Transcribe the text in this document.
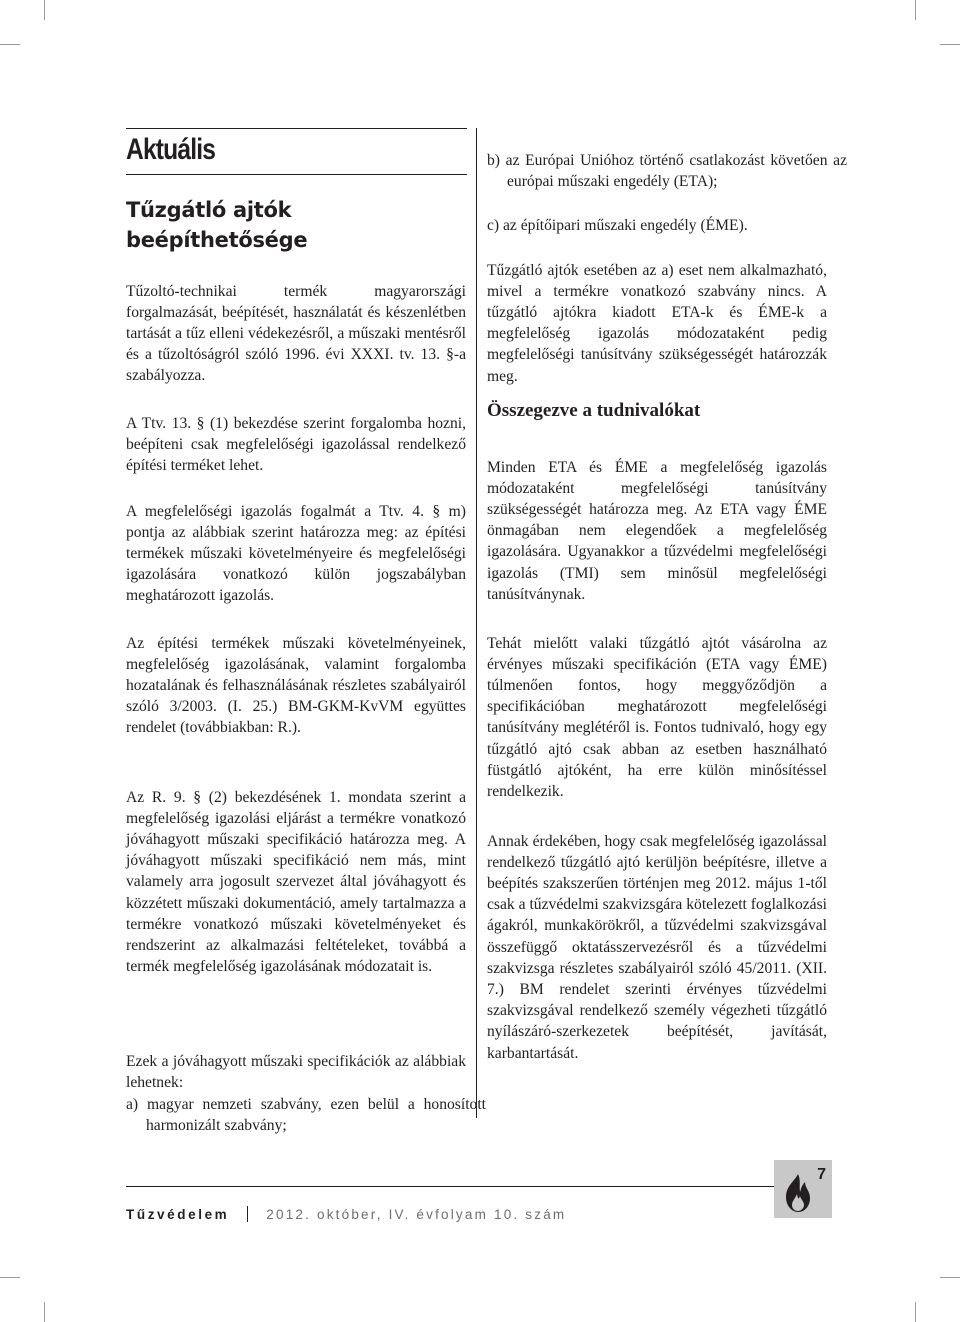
Aktuális
Tűzgátló ajtók
beépíthetősége

Tűzoltó-technikai termék magyarországi forgalmazását, beépítését, használatát és készenlétben tartását a tűz elleni védekezésről, a műszaki mentésről és a tűzoltóságról szóló 1996. évi XXXI. tv. 13. §-a szabályozza.

A Ttv. 13. § (1) bekezdése szerint forgalomba hozni, beépíteni csak megfelelőségi igazolással rendelkező építési terméket lehet.

A megfelelőségi igazolás fogalmát a Ttv. 4. § m) pontja az alábbiak szerint határozza meg: az építési termékek műszaki követelményeire és megfelelőségi igazolására vonatkozó külön jogszabályban meghatározott igazolás.

Az építési termékek műszaki követelményeinek, megfelelőség igazolásának, valamint forgalomba hozatalának és felhasználásának részletes szabályairól szóló 3/2003. (I. 25.) BM-GKM-KvVM együttes rendelet (továbbiakban: R.).

Az R. 9. § (2) bekezdésének 1. mondata szerint a megfelelőség igazolási eljárást a termékre vonatkozó jóváhagyott műszaki specifikáció határozza meg. A jóváhagyott műszaki specifikáció nem más, mint valamely arra jogosult szervezet által jóváhagyott és közzétett műszaki dokumentáció, amely tartalmazza a termékre vonatkozó műszaki követelményeket és rendszerint az alkalmazási feltételeket, továbbá a termék megfelelőség igazolásának módozatait is.

Ezek a jóváhagyott műszaki specifikációk az alábbiak lehetnek:

a) magyar nemzeti szabvány, ezen belül a honosított harmonizált szabvány;

b) az Európai Unióhoz történő csatlakozást követően az európai műszaki engedély (ETA);

c) az építőipari műszaki engedély (ÉME).

Tűzgátló ajtók esetében az a) eset nem alkalmazható, mivel a termékre vonatkozó szabvány nincs. A tűzgátló ajtókra kiadott ETA-k és ÉME-k a megfelelőség igazolás módozataként pedig megfelelőségi tanúsítvány szükségességét határozzák meg.

Összegezve a tudnivalókat

Minden ETA és ÉME a megfelelőség igazolás módozataként megfelelőségi tanúsítvány szükségességét határozza meg. Az ETA vagy ÉME önmagában nem elegendőek a megfelelőség igazolására. Ugyanakkor a tűzvédelmi megfelelőségi igazolás (TMI) sem minősül megfelelőségi tanúsítványnak.

Tehát mielőtt valaki tűzgátló ajtót vásárolna az érvényes műszaki specifikáción (ETA vagy ÉME) túlmenően fontos, hogy meggyőződjön a specifikációban meghatározott megfelelőségi tanúsítvány meglétéről is. Fontos tudnivaló, hogy egy tűzgátló ajtó csak abban az esetben használható füstgátló ajtóként, ha erre külön minősítéssel rendelkezik.

Annak érdekében, hogy csak megfelelőség igazolással rendelkező tűzgátló ajtó kerüljön beépítésre, illetve a beépítés szakszerűen történjen meg 2012. május 1-től csak a tűzvédelmi szakvizsgára kötelezett foglalkozási ágakról, munkakörökről, a tűzvédelmi szakvizsgával összefüggő oktatásszervezésről és a tűzvédelmi szakvizsga részletes szabályairól szóló 45/2011. (XII. 7.) BM rendelet szerinti érvényes tűzvédelmi szakvizsgával rendelkező személy végezheti tűzgátló nyílászáró-szerkezetek beépítését, javítását, karbantartását.

Tűzvédelem	2012. október, IV. évfolyam 10. szám
7
